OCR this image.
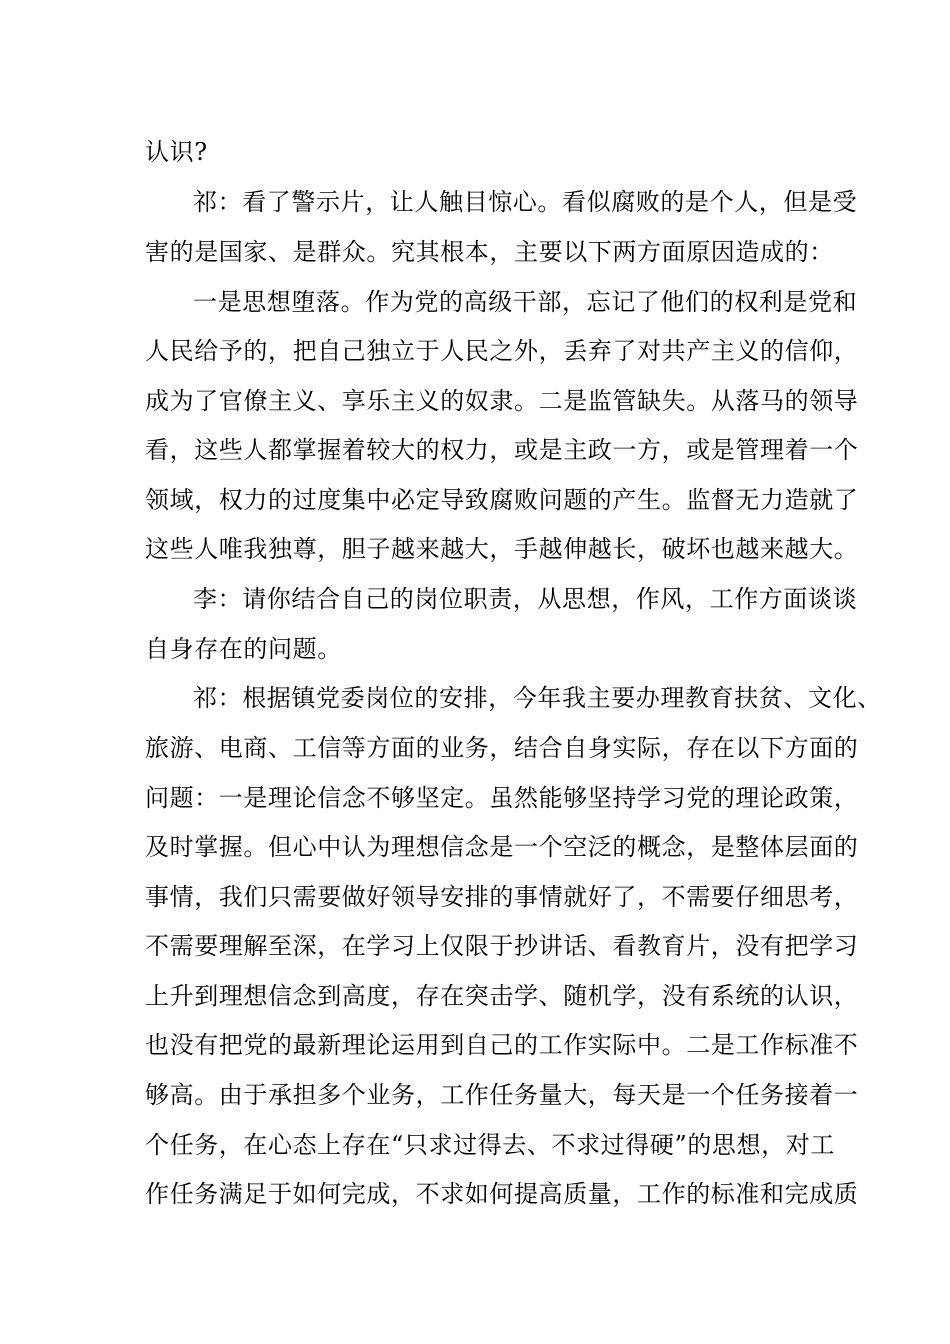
认识?
祁：看了警示片，让人触目惊心。看似腐败的是个人，但是受
害的是国家、是群众。究其根本，主要以下两方面原因造成的：
一是思想堕落。作为党的高级干部，忘记了他们的权利是党和
人民给予的，把自己独立于人民之外，丢弃了对共产主义的信仰，
成为了官僚主义、享乐主义的奴隶。二是监管缺失。从落马的领导
看，这些人都掌握着较大的权力，或是主政一方，或是管理着一个
领域，权力的过度集中必定导致腐败问题的产生。监督无力造就了
这些人唯我独尊，胆子越来越大，手越伸越长，破坏也越来越大。
李：请你结合自己的岗位职责，从思想，作风，工作方面谈谈
自身存在的问题。
祁：根据镇党委岗位的安排，今年我主要办理教育扶贫、文化、
旅游、电商、工信等方面的业务，结合自身实际，存在以下方面的
问题：一是理论信念不够坚定。虽然能够坚持学习党的理论政策，
及时掌握。但心中认为理想信念是一个空泛的概念，是整体层面的
事情，我们只需要做好领导安排的事情就好了，不需要仔细思考，
不需要理解至深，在学习上仅限于抄讲话、看教育片，没有把学习
上升到理想信念到高度，存在突击学、随机学，没有系统的认识，
也没有把党的最新理论运用到自己的工作实际中。二是工作标准不
够高。由于承担多个业务，工作任务量大，每天是一个任务接着一
个任务，在心态上存在“只求过得去、不求过得硬”的思想，对工
作任务满足于如何完成，不求如何提高质量，工作的标准和完成质
